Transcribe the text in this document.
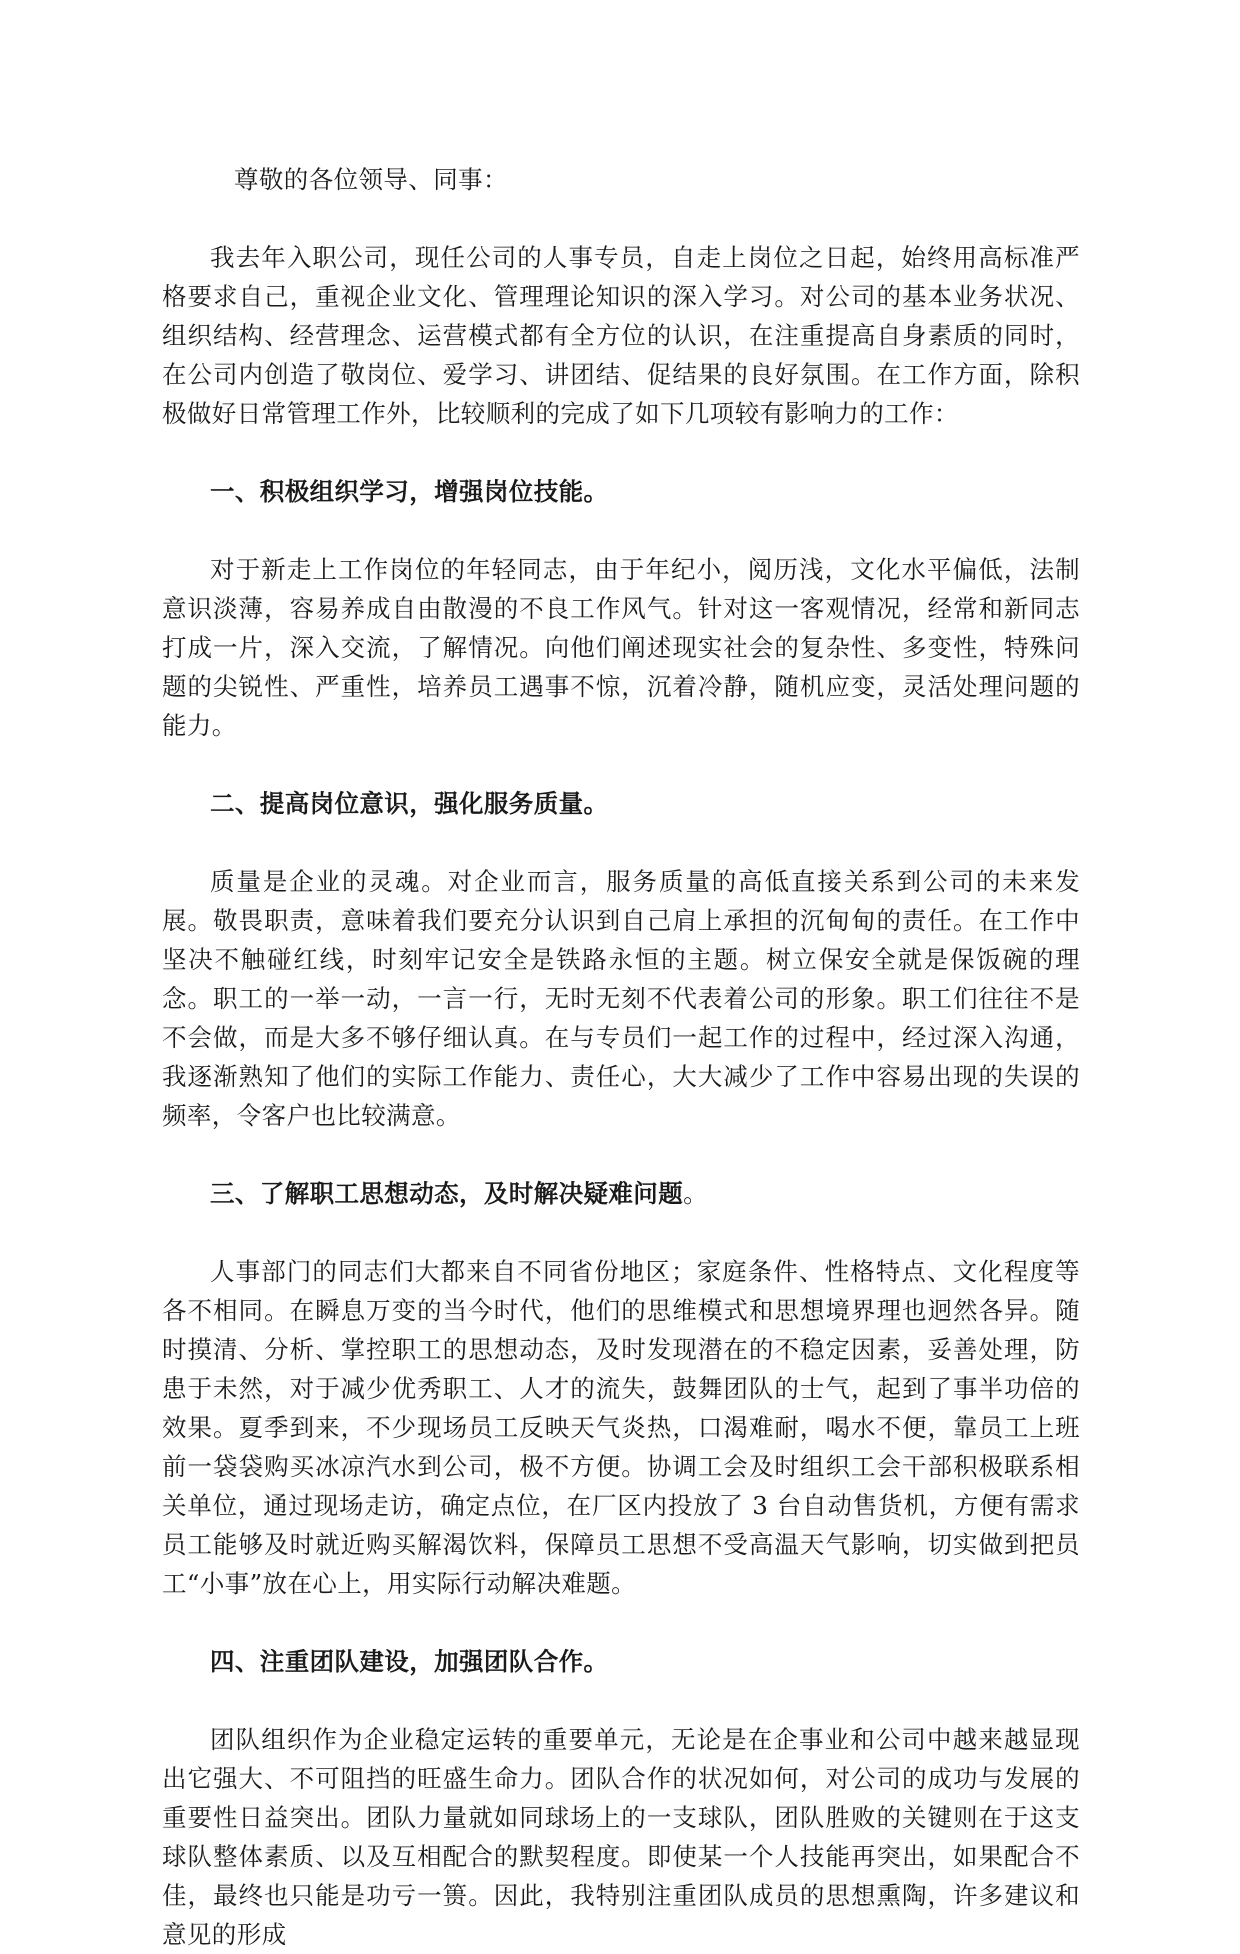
尊敬的各位领导、同事：

我去年入职公司，现任公司的人事专员，自走上岗位之日起，始终用高标准严格要求自己，重视企业文化、管理理论知识的深入学习。对公司的基本业务状况、组织结构、经营理念、运营模式都有全方位的认识，在注重提高自身素质的同时，在公司内创造了敬岗位、爱学习、讲团结、促结果的良好氛围。在工作方面，除积极做好日常管理工作外，比较顺利的完成了如下几项较有影响力的工作：

一、积极组织学习，增强岗位技能。

对于新走上工作岗位的年轻同志，由于年纪小，阅历浅，文化水平偏低，法制意识淡薄，容易养成自由散漫的不良工作风气。针对这一客观情况，经常和新同志打成一片，深入交流，了解情况。向他们阐述现实社会的复杂性、多变性，特殊问题的尖锐性、严重性，培养员工遇事不惊，沉着冷静，随机应变，灵活处理问题的能力。

二、提高岗位意识，强化服务质量。

质量是企业的灵魂。对企业而言，服务质量的高低直接关系到公司的未来发展。敬畏职责，意味着我们要充分认识到自己肩上承担的沉甸甸的责任。在工作中坚决不触碰红线，时刻牢记安全是铁路永恒的主题。树立保安全就是保饭碗的理念。职工的一举一动，一言一行，无时无刻不代表着公司的形象。职工们往往不是不会做，而是大多不够仔细认真。在与专员们一起工作的过程中，经过深入沟通，我逐渐熟知了他们的实际工作能力、责任心，大大减少了工作中容易出现的失误的频率，令客户也比较满意。

三、了解职工思想动态，及时解决疑难问题。

人事部门的同志们大都来自不同省份地区；家庭条件、性格特点、文化程度等各不相同。在瞬息万变的当今时代，他们的思维模式和思想境界理也迥然各异。随时摸清、分析、掌控职工的思想动态，及时发现潜在的不稳定因素，妥善处理，防患于未然，对于减少优秀职工、人才的流失，鼓舞团队的士气，起到了事半功倍的效果。夏季到来，不少现场员工反映天气炎热，口渴难耐，喝水不便，靠员工上班前一袋袋购买冰凉汽水到公司，极不方便。协调工会及时组织工会干部积极联系相关单位，通过现场走访，确定点位，在厂区内投放了 3 台自动售货机，方便有需求员工能够及时就近购买解渴饮料，保障员工思想不受高温天气影响，切实做到把员工“小事”放在心上，用实际行动解决难题。

四、注重团队建设，加强团队合作。

团队组织作为企业稳定运转的重要单元，无论是在企事业和公司中越来越显现出它强大、不可阻挡的旺盛生命力。团队合作的状况如何，对公司的成功与发展的重要性日益突出。团队力量就如同球场上的一支球队，团队胜败的关键则在于这支球队整体素质、以及互相配合的默契程度。即使某一个人技能再突出，如果配合不佳，最终也只能是功亏一篑。因此，我特别注重团队成员的思想熏陶，许多建议和意见的形成
